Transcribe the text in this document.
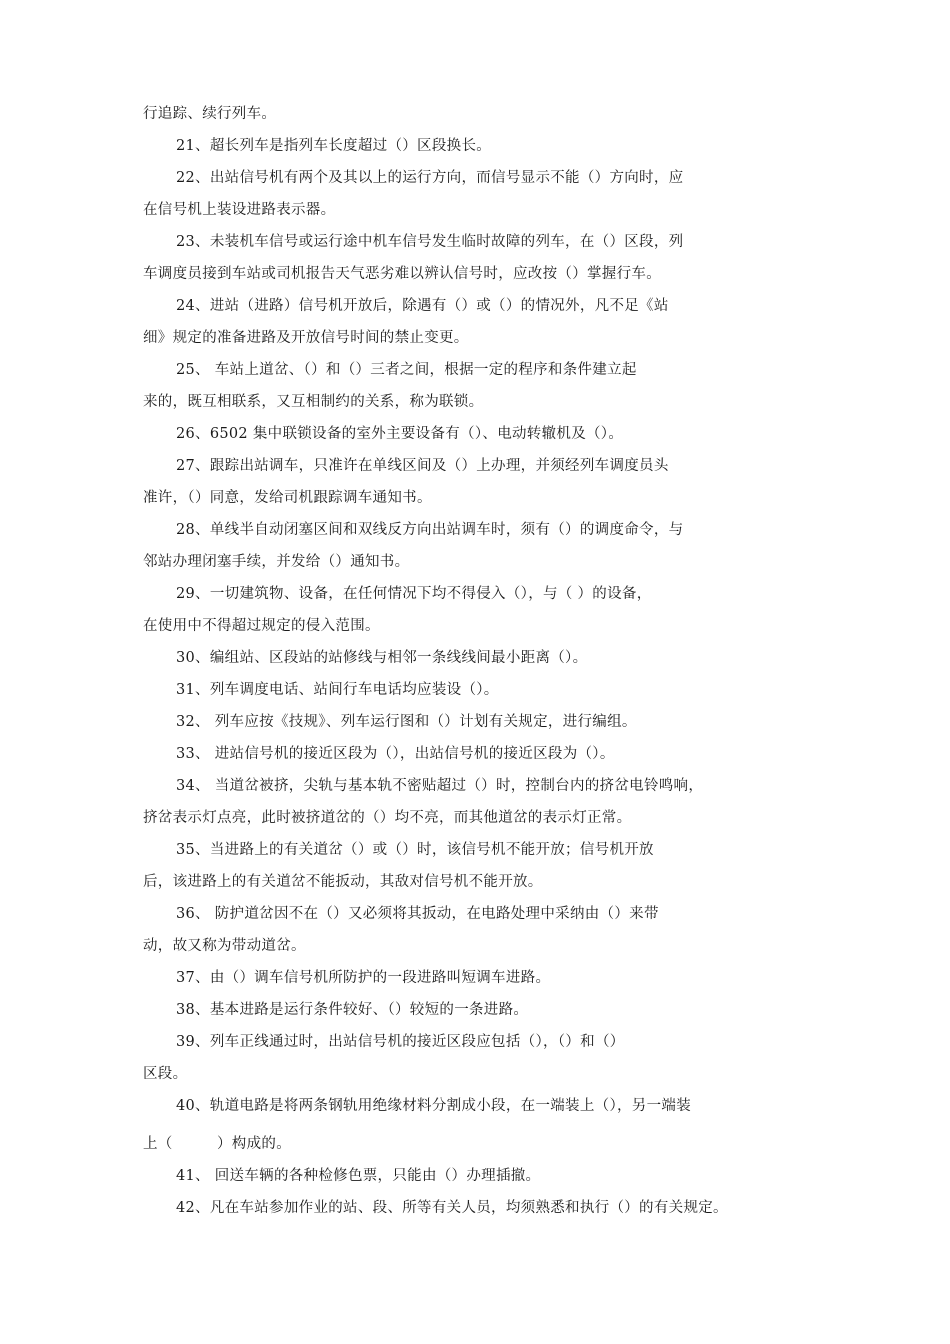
行追踪、续行列车。
21、超长列车是指列车长度超过（）区段换长。
22、出站信号机有两个及其以上的运行方向，而信号显示不能（）方向时，应
在信号机上装设进路表示器。
23、未装机车信号或运行途中机车信号发生临时故障的列车，在（）区段，列
车调度员接到车站或司机报告天气恶劣难以辨认信号时，应改按（）掌握行车。
24、进站（进路）信号机开放后，除遇有（）或（）的情况外，凡不足《站
细》规定的准备进路及开放信号时间的禁止变更。
25、 车站上道岔、（）和（）三者之间，根据一定的程序和条件建立起
来的，既互相联系，又互相制约的关系，称为联锁。
26、6502 集中联锁设备的室外主要设备有（）、电动转辙机及（）。
27、跟踪出站调车，只准许在单线区间及（）上办理，并须经列车调度员头
准许，（）同意，发给司机跟踪调车通知书。
28、单线半自动闭塞区间和双线反方向出站调车时，须有（）的调度命令，与
邻站办理闭塞手续，并发给（）通知书。
29、一切建筑物、设备，在任何情况下均不得侵入（），与（ ）的设备，
在使用中不得超过规定的侵入范围。
30、编组站、区段站的站修线与相邻一条线线间最小距离（）。
31、列车调度电话、站间行车电话均应装设（）。
32、 列车应按《技规》、列车运行图和（）计划有关规定，进行编组。
33、 进站信号机的接近区段为（），出站信号机的接近区段为（）。
34、 当道岔被挤，尖轨与基本轨不密贴超过（）时，控制台内的挤岔电铃鸣响，
挤岔表示灯点亮，此时被挤道岔的（）均不亮，而其他道岔的表示灯正常。
35、当进路上的有关道岔（）或（）时，该信号机不能开放；信号机开放
后，该进路上的有关道岔不能扳动，其敌对信号机不能开放。
36、 防护道岔因不在（）又必须将其扳动，在电路处理中采纳由（）来带
动，故又称为带动道岔。
37、由（）调车信号机所防护的一段进路叫短调车进路。
38、基本进路是运行条件较好、（）较短的一条进路。
39、列车正线通过时，出站信号机的接近区段应包括（），（）和（）
区段。
40、轨道电路是将两条钢轨用绝缘材料分割成小段，在一端装上（），另一端装
上（　　　）构成的。
41、 回送车辆的各种检修色票，只能由（）办理插撤。
42、凡在车站参加作业的站、段、所等有关人员，均须熟悉和执行（）的有关规定。
